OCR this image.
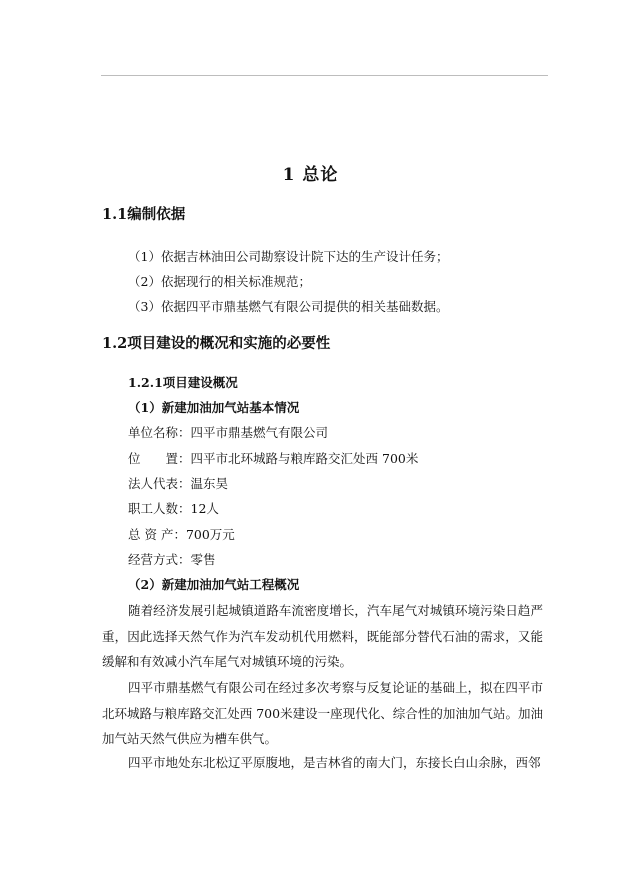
1 总论
1.1编制依据
（1）依据吉林油田公司勘察设计院下达的生产设计任务；
（2）依据现行的相关标准规范；
（3）依据四平市鼎基燃气有限公司提供的相关基础数据。
1.2项目建设的概况和实施的必要性
1.2.1项目建设概况
（1）新建加油加气站基本情况
单位名称：四平市鼎基燃气有限公司
位　　置：四平市北环城路与粮库路交汇处西 700米
法人代表：温东昊
职工人数：12人
总 资 产：700万元
经营方式：零售
（2）新建加油加气站工程概况
随着经济发展引起城镇道路车流密度增长，汽车尾气对城镇环境污染日趋严重，因此选择天然气作为汽车发动机代用燃料，既能部分替代石油的需求，又能缓解和有效减小汽车尾气对城镇环境的污染。
四平市鼎基燃气有限公司在经过多次考察与反复论证的基础上，拟在四平市北环城路与粮库路交汇处西 700米建设一座现代化、综合性的加油加气站。加油加气站天然气供应为槽车供气。
四平市地处东北松辽平原腹地，是吉林省的南大门，东接长白山余脉，西邻
